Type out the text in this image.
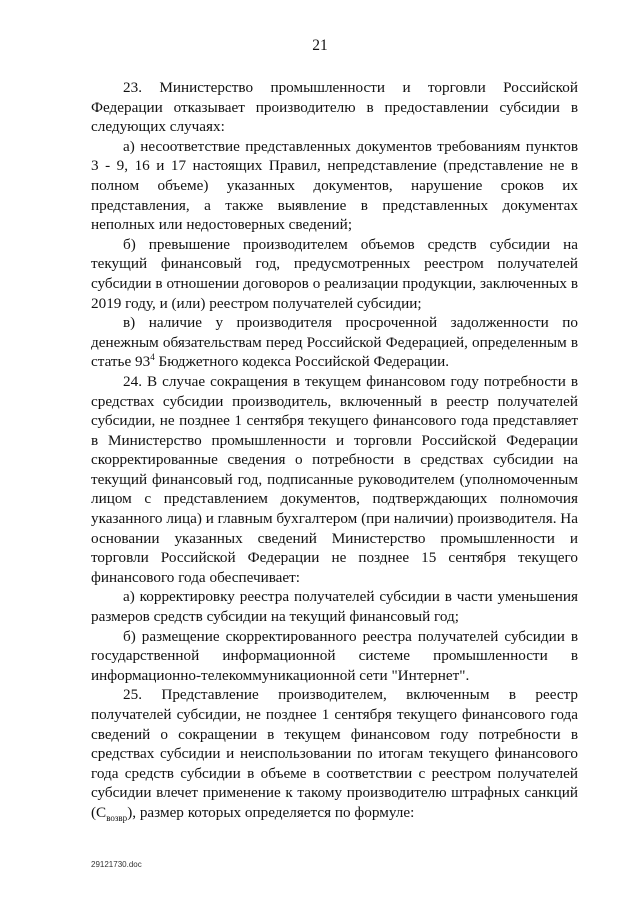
21

23. Министерство промышленности и торговли Российской Федерации отказывает производителю в предоставлении субсидии в следующих случаях:

а) несоответствие представленных документов требованиям пунктов 3 - 9, 16 и 17 настоящих Правил, непредставление (представление не в полном объеме) указанных документов, нарушение сроков их представления, а также выявление в представленных документах неполных или недостоверных сведений;

б) превышение производителем объемов средств субсидии на текущий финансовый год, предусмотренных реестром получателей субсидии в отношении договоров о реализации продукции, заключенных в 2019 году, и (или) реестром получателей субсидии;

в) наличие у производителя просроченной задолженности по денежным обязательствам перед Российской Федерацией, определенным в статье $93^4$ Бюджетного кодекса Российской Федерации.

24. В случае сокращения в текущем финансовом году потребности в средствах субсидии производитель, включенный в реестр получателей субсидии, не позднее 1 сентября текущего финансового года представляет в Министерство промышленности и торговли Российской Федерации скорректированные сведения о потребности в средствах субсидии на текущий финансовый год, подписанные руководителем (уполномоченным лицом с представлением документов, подтверждающих полномочия указанного лица) и главным бухгалтером (при наличии) производителя. На основании указанных сведений Министерство промышленности и торговли Российской Федерации не позднее 15 сентября текущего финансового года обеспечивает:

а) корректировку реестра получателей субсидии в части уменьшения размеров средств субсидии на текущий финансовый год;

б) размещение скорректированного реестра получателей субсидии в государственной информационной системе промышленности в информационно-телекоммуникационной сети "Интернет".

25. Представление производителем, включенным в реестр получателей субсидии, не позднее 1 сентября текущего финансового года сведений о сокращении в текущем финансовом году потребности в средствах субсидии и неиспользовании по итогам текущего финансового года средств субсидии в объеме в соответствии с реестром получателей субсидии влечет применение к такому производителю штрафных санкций $(С_{возвр})$, размер которых определяется по формуле:

29121730.doc
